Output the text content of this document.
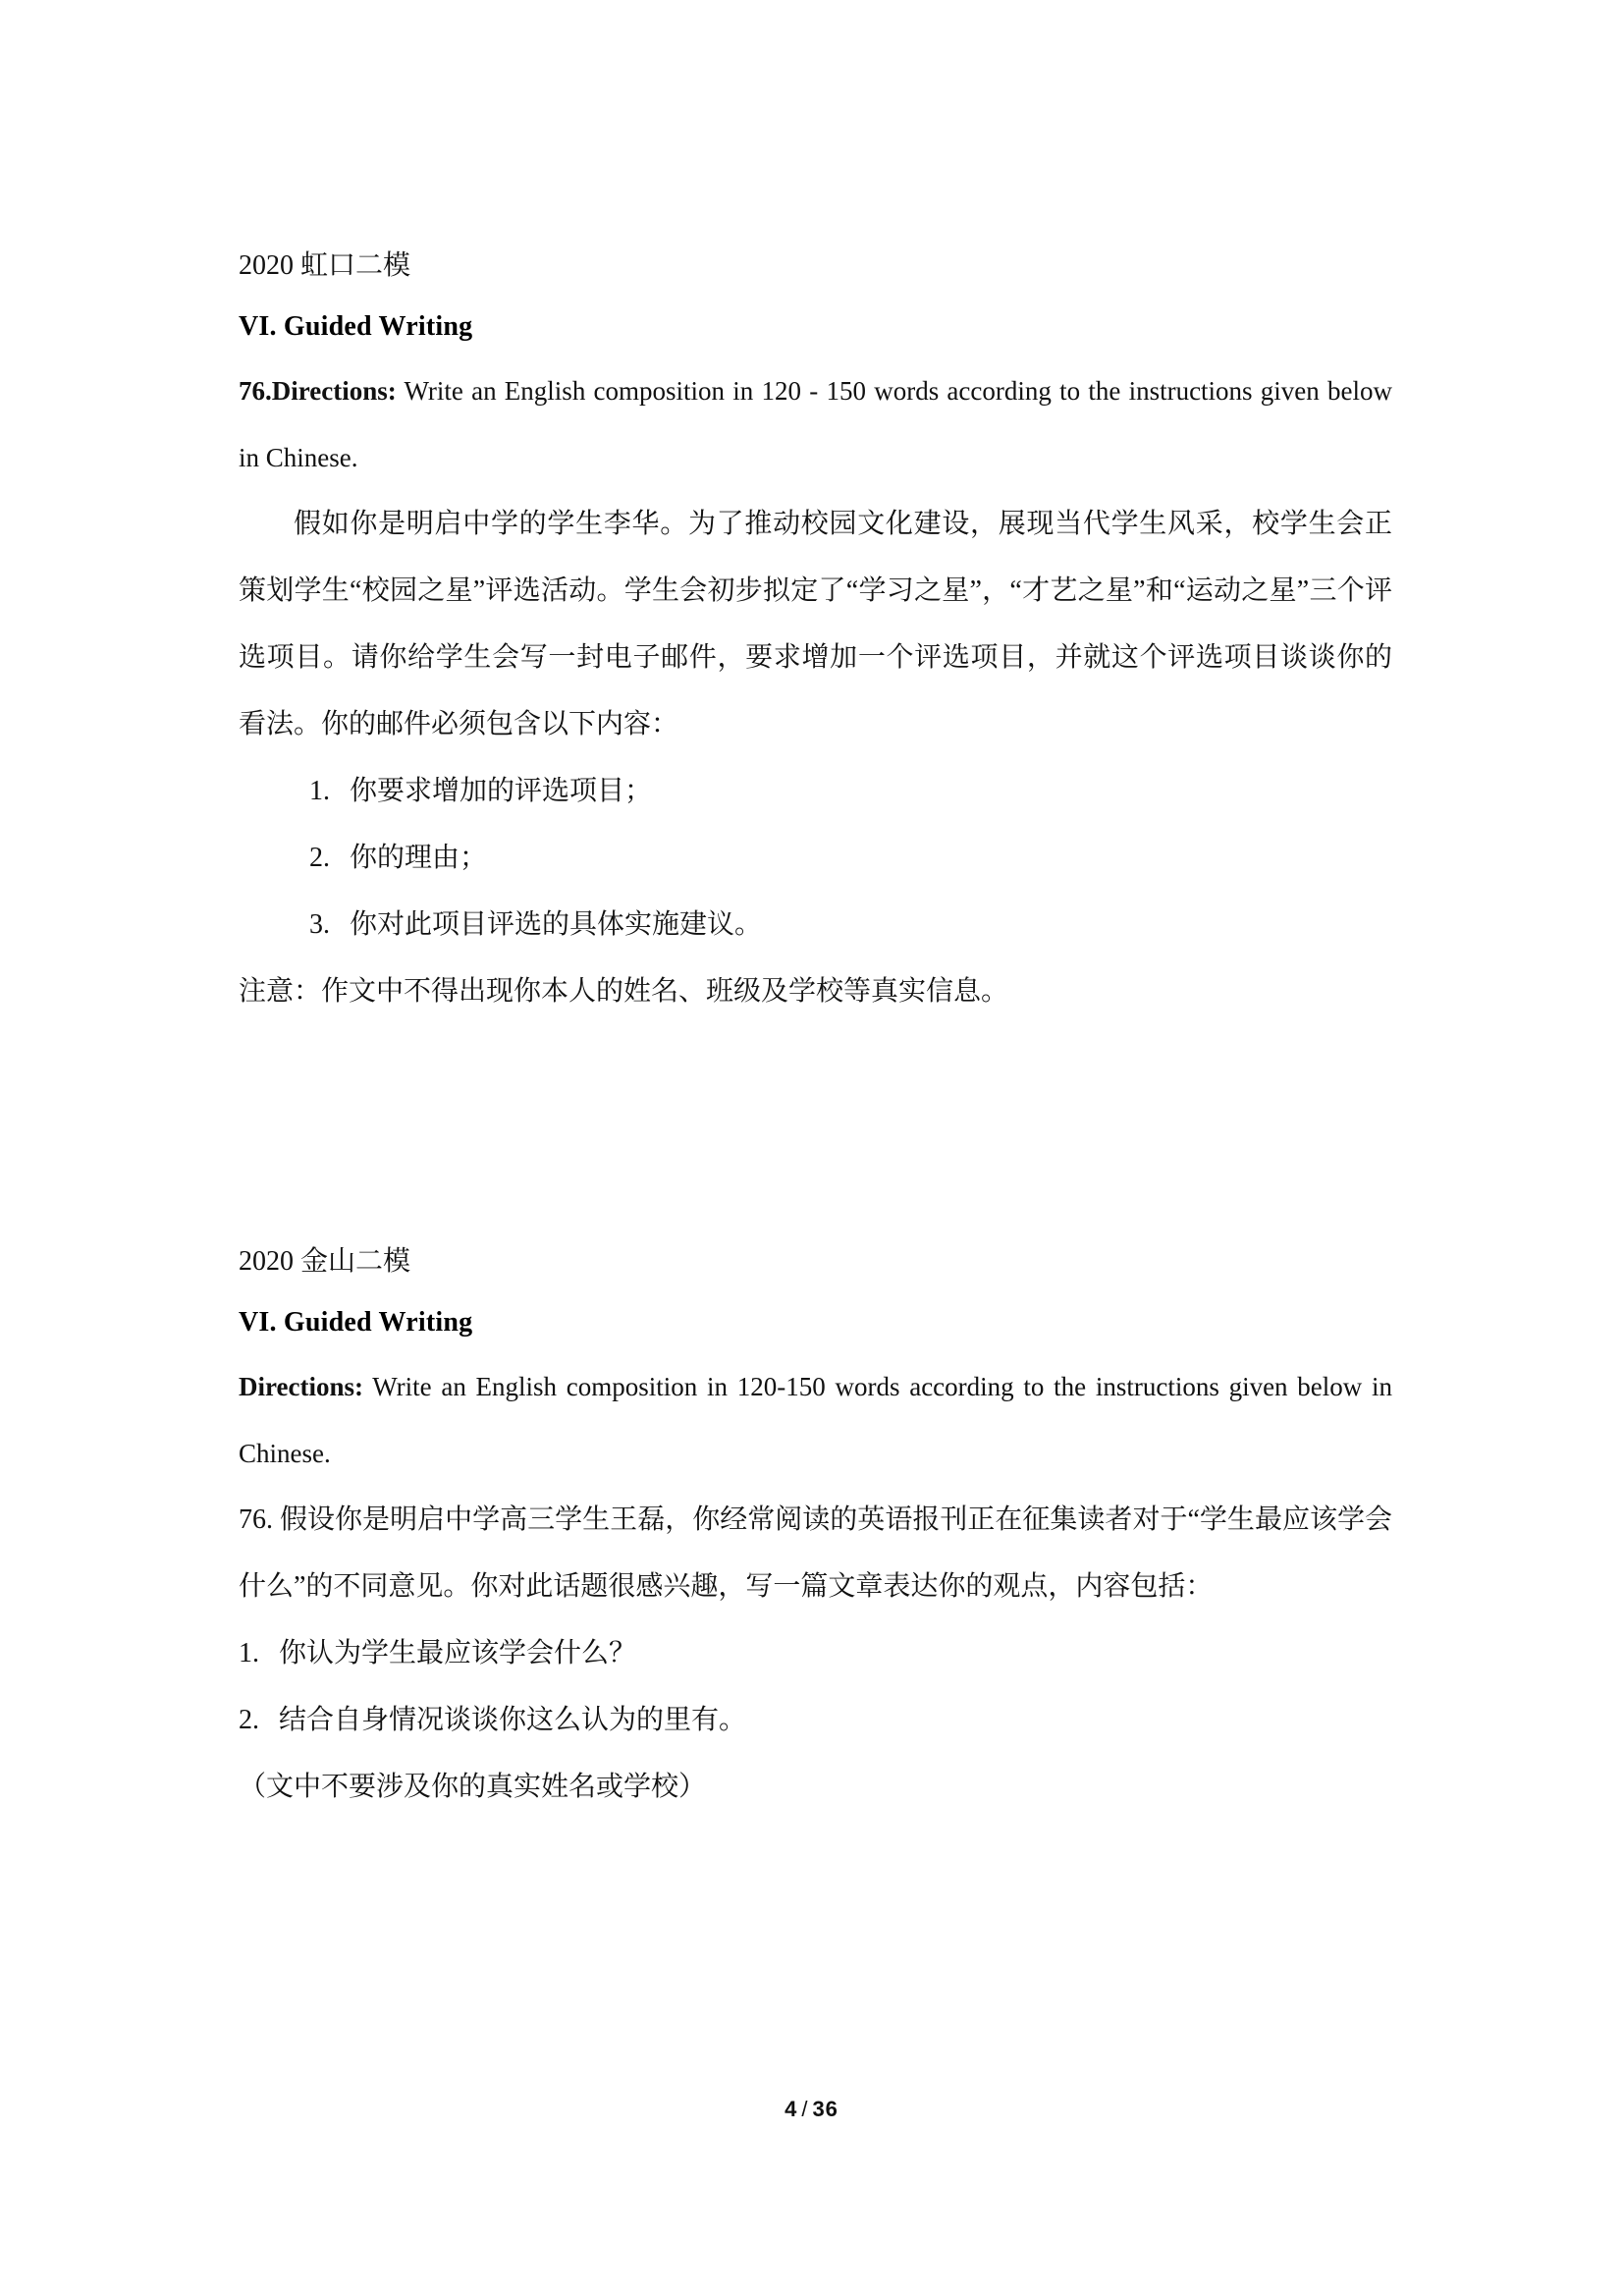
2020 虹口二模
VI. Guided Writing
76.Directions: Write an English composition in 120 - 150 words according to the instructions given below in Chinese.
假如你是明启中学的学生李华。为了推动校园文化建设，展现当代学生风采，校学生会正策划学生“校园之星”评选活动。学生会初步拟定了“学习之星”，“才艺之星”和“运动之星”三个评选项目。请你给学生会写一封电子邮件，要求增加一个评选项目，并就这个评选项目谈谈你的看法。你的邮件必须包含以下内容：
1. 你要求增加的评选项目；
2. 你的理由；
3. 你对此项目评选的具体实施建议。
注意：作文中不得出现你本人的姓名、班级及学校等真实信息。
2020 金山二模
VI. Guided Writing
Directions: Write an English composition in 120-150 words according to the instructions given below in Chinese.
76. 假设你是明启中学高三学生王磊，你经常阅读的英语报刊正在征集读者对于“学生最应该学会什么”的不同意见。你对此话题很感兴趣，写一篇文章表达你的观点，内容包括：
1. 你认为学生最应该学会什么？
2. 结合自身情况谈谈你这么认为的里有。
（文中不要涉及你的真实姓名或学校）
4 / 36
